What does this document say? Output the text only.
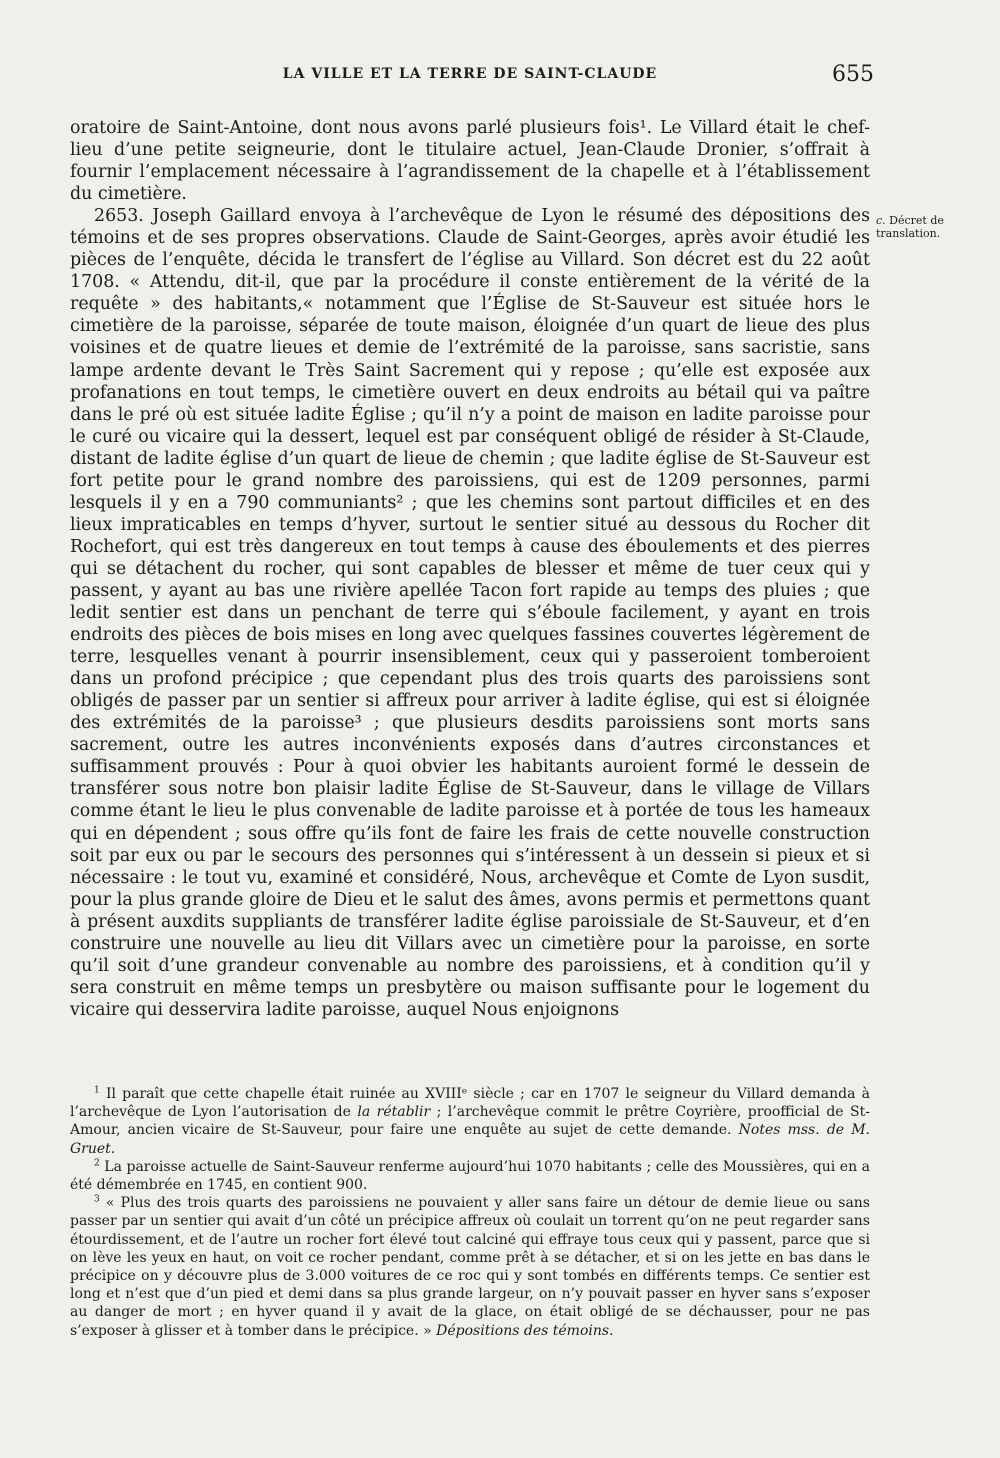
LA VILLE ET LA TERRE DE SAINT-CLAUDE	655

oratoire de Saint-Antoine, dont nous avons parlé plusieurs fois¹. Le Villard était le chef-lieu d’une petite seigneurie, dont le titulaire actuel, Jean-Claude Dronier, s’offrait à fournir l’emplacement nécessaire à l’agrandissement de la chapelle et à l’établissement du cimetière.

2653. Joseph Gaillard envoya à l’archevêque de Lyon le résumé des dépositions des témoins et de ses propres observations. Claude de Saint-Georges, après avoir étudié les pièces de l’enquête, décida le transfert de l’église au Villard. Son décret est du 22 août 1708. « Attendu, dit-il, que par la procédure il conste entièrement de la vérité de la requête » des habitants,« notamment que l’Église de St-Sauveur est située hors le cimetière de la paroisse, séparée de toute maison, éloignée d’un quart de lieue des plus voisines et de quatre lieues et demie de l’extrémité de la paroisse, sans sacristie, sans lampe ardente devant le Très Saint Sacrement qui y repose ; qu’elle est exposée aux profanations en tout temps, le cimetière ouvert en deux endroits au bétail qui va paître dans le pré où est située ladite Église ; qu’il n’y a point de maison en ladite paroisse pour le curé ou vicaire qui la dessert, lequel est par conséquent obligé de résider à St-Claude, distant de ladite église d’un quart de lieue de chemin ; que ladite église de St-Sauveur est fort petite pour le grand nombre des paroissiens, qui est de 1209 personnes, parmi lesquels il y en a 790 communiants² ; que les chemins sont partout difficiles et en des lieux impraticables en temps d’hyver, surtout le sentier situé au dessous du Rocher dit Rochefort, qui est très dangereux en tout temps à cause des éboulements et des pierres qui se détachent du rocher, qui sont capables de blesser et même de tuer ceux qui y passent, y ayant au bas une rivière apellée Tacon fort rapide au temps des pluies ; que ledit sentier est dans un penchant de terre qui s’éboule facilement, y ayant en trois endroits des pièces de bois mises en long avec quelques fassines couvertes légèrement de terre, lesquelles venant à pourrir insensiblement, ceux qui y passeroient tomberoient dans un profond précipice ; que cependant plus des trois quarts des paroissiens sont obligés de passer par un sentier si affreux pour arriver à ladite église, qui est si éloignée des extrémités de la paroisse³ ; que plusieurs desdits paroissiens sont morts sans sacrement, outre les autres inconvénients exposés dans d’autres circonstances et suffisamment prouvés : Pour à quoi obvier les habitants auroient formé le dessein de transférer sous notre bon plaisir ladite Église de St-Sauveur, dans le village de Villars comme étant le lieu le plus convenable de ladite paroisse et à portée de tous les hameaux qui en dépendent ; sous offre qu’ils font de faire les frais de cette nouvelle construction soit par eux ou par le secours des personnes qui s’intéressent à un dessein si pieux et si nécessaire : le tout vu, examiné et considéré, Nous, archevêque et Comte de Lyon susdit, pour la plus grande gloire de Dieu et le salut des âmes, avons permis et permettons quant à présent auxdits suppliants de transférer ladite église paroissiale de St-Sauveur, et d’en construire une nouvelle au lieu dit Villars avec un cimetière pour la paroisse, en sorte qu’il soit d’une grandeur convenable au nombre des paroissiens, et à condition qu’il y sera construit en même temps un presbytère ou maison suffisante pour le logement du vicaire qui desservira ladite paroisse, auquel Nous enjoignons

c. Décret de translation.

$^1$ Il paraît que cette chapelle était ruinée au XVIIIᵉ siècle ; car en 1707 le seigneur du Villard demanda à l’archevêque de Lyon l’autorisation de la rétablir ; l’archevêque commit le prêtre Coyrière, proofficial de St-Amour, ancien vicaire de St-Sauveur, pour faire une enquête au sujet de cette demande. Notes mss. de M. Gruet.

$^2$ La paroisse actuelle de Saint-Sauveur renferme aujourd’hui 1070 habitants ; celle des Moussières, qui en a été démembrée en 1745, en contient 900.

$^3$ « Plus des trois quarts des paroissiens ne pouvaient y aller sans faire un détour de demie lieue ou sans passer par un sentier qui avait d’un côté un précipice affreux où coulait un torrent qu’on ne peut regarder sans étourdissement, et de l’autre un rocher fort élevé tout calciné qui effraye tous ceux qui y passent, parce que si on lève les yeux en haut, on voit ce rocher pendant, comme prêt à se détacher, et si on les jette en bas dans le précipice on y découvre plus de 3.000 voitures de ce roc qui y sont tombés en différents temps. Ce sentier est long et n’est que d’un pied et demi dans sa plus grande largeur, on n’y pouvait passer en hyver sans s’exposer au danger de mort ; en hyver quand il y avait de la glace, on était obligé de se déchausser, pour ne pas s’exposer à glisser et à tomber dans le précipice. » Dépositions des témoins.
